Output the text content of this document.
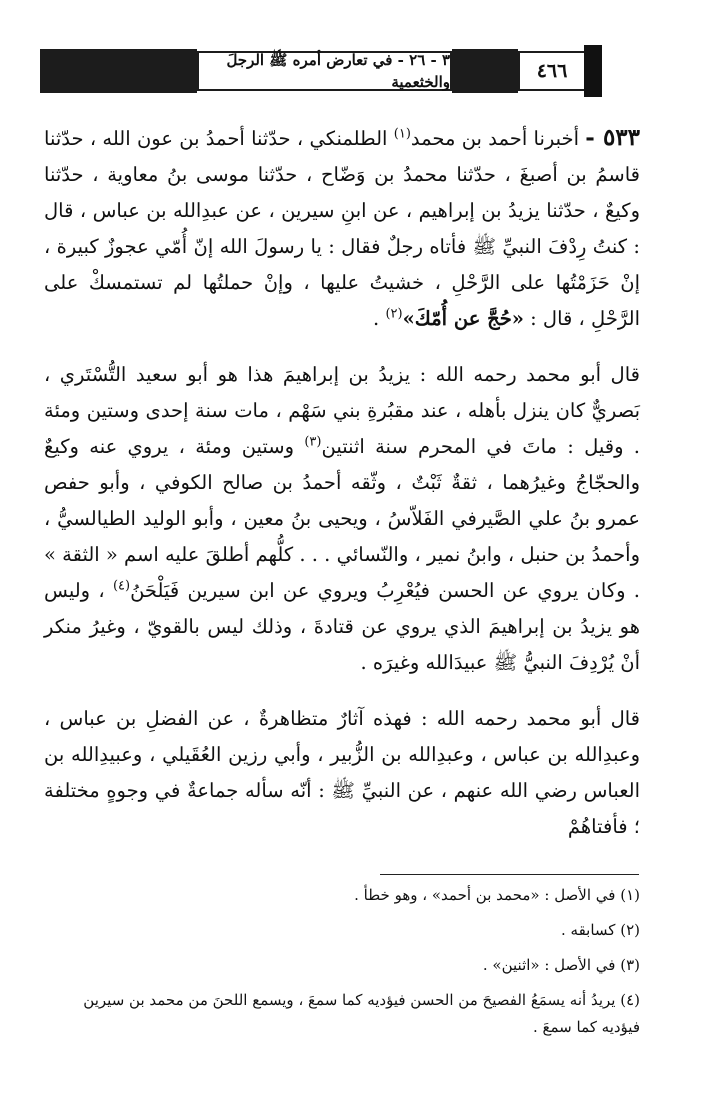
٣ - ٢٦ - في تعارض أمره ﷺ الرجلَ والخثعمية	٤٦٦

٥٣٣ - أخبرنا أحمد بن محمد$^{(١)}$ الطلمنكي ، حدّثنا أحمدُ بن عون الله ، حدّثنا قاسمُ بن أصبغَ ، حدّثنا محمدُ بن وَضّاح ، حدّثنا موسى بنُ معاوية ، حدّثنا وكيعٌ ، حدّثنا يزيدُ بن إبراهيم ، عن ابنِ سيرين ، عن عبدِالله بن عباس ، قال : كنتُ رِدْفَ النبيِّ ﷺ فأتاه رجلٌ فقال : يا رسولَ الله إنّ أُمّي عجوزٌ كبيرة ، إنْ حَزَمْتُها على الرَّحْلِ ، خشيتُ عليها ، وإنْ حملتُها لم تستمسكْ على الرَّحْلِ ، قال : «حُجَّ عن أُمّكَ»$^{(٢)}$ .

قال أبو محمد رحمه الله : يزيدُ بن إبراهيمَ هذا هو أبو سعيد التُّسْتَري ، بَصريٌّ كان ينزل بأهله ، عند مقبُرةِ بني سَهْم ، مات سنة إحدى وستين ومئة . وقيل : ماتَ في المحرم سنة اثنتين$^{(٣)}$ وستين ومئة ، يروي عنه وكيعٌ والحجّاجُ وغيرُهما ، ثقةٌ ثَبْتٌ ، وثّقه أحمدُ بن صالح الكوفي ، وأبو حفص عمرو بنُ علي الصَّيرفي الفَلاّسُ ، ويحيى بنُ معين ، وأبو الوليد الطيالسيُّ ، وأحمدُ بن حنبل ، وابنُ نمير ، والنّسائي . . . كلُّهم أطلقَ عليه اسم « الثقة » . وكان يروي عن الحسن فيُعْرِبُ ويروي عن ابن سيرين فَيَلْحَنُ$^{(٤)}$ ، وليس هو يزيدُ بن إبراهيمَ الذي يروي عن قتادةَ ، وذلك ليس بالقويّ ، وغيرُ منكر أنْ يُرْدِفَ النبيُّ ﷺ عبيدَالله وغيرَه .

قال أبو محمد رحمه الله : فهذه آثارٌ متظاهرةٌ ، عن الفضلِ بن عباس ، وعبدِالله بن عباس ، وعبدِالله بن الزُّبير ، وأبي رزين العُقَيلي ، وعبيدِالله بن العباس رضي الله عنهم ، عن النبيِّ ﷺ : أنّه سأله جماعةٌ في وجوهٍ مختلفة ؛ فأفتاهُمْ

(١) في الأصل : «محمد بن أحمد» ، وهو خطأ .

(٢) كسابقه .

(٣) في الأصل : «اثنين» .

(٤) يريدُ أنه يسمَعُ الفصيحَ من الحسن فيؤديه كما سمعَ ، ويسمع اللحنَ من محمد بن سيرين فيؤديه كما سمعَ .
